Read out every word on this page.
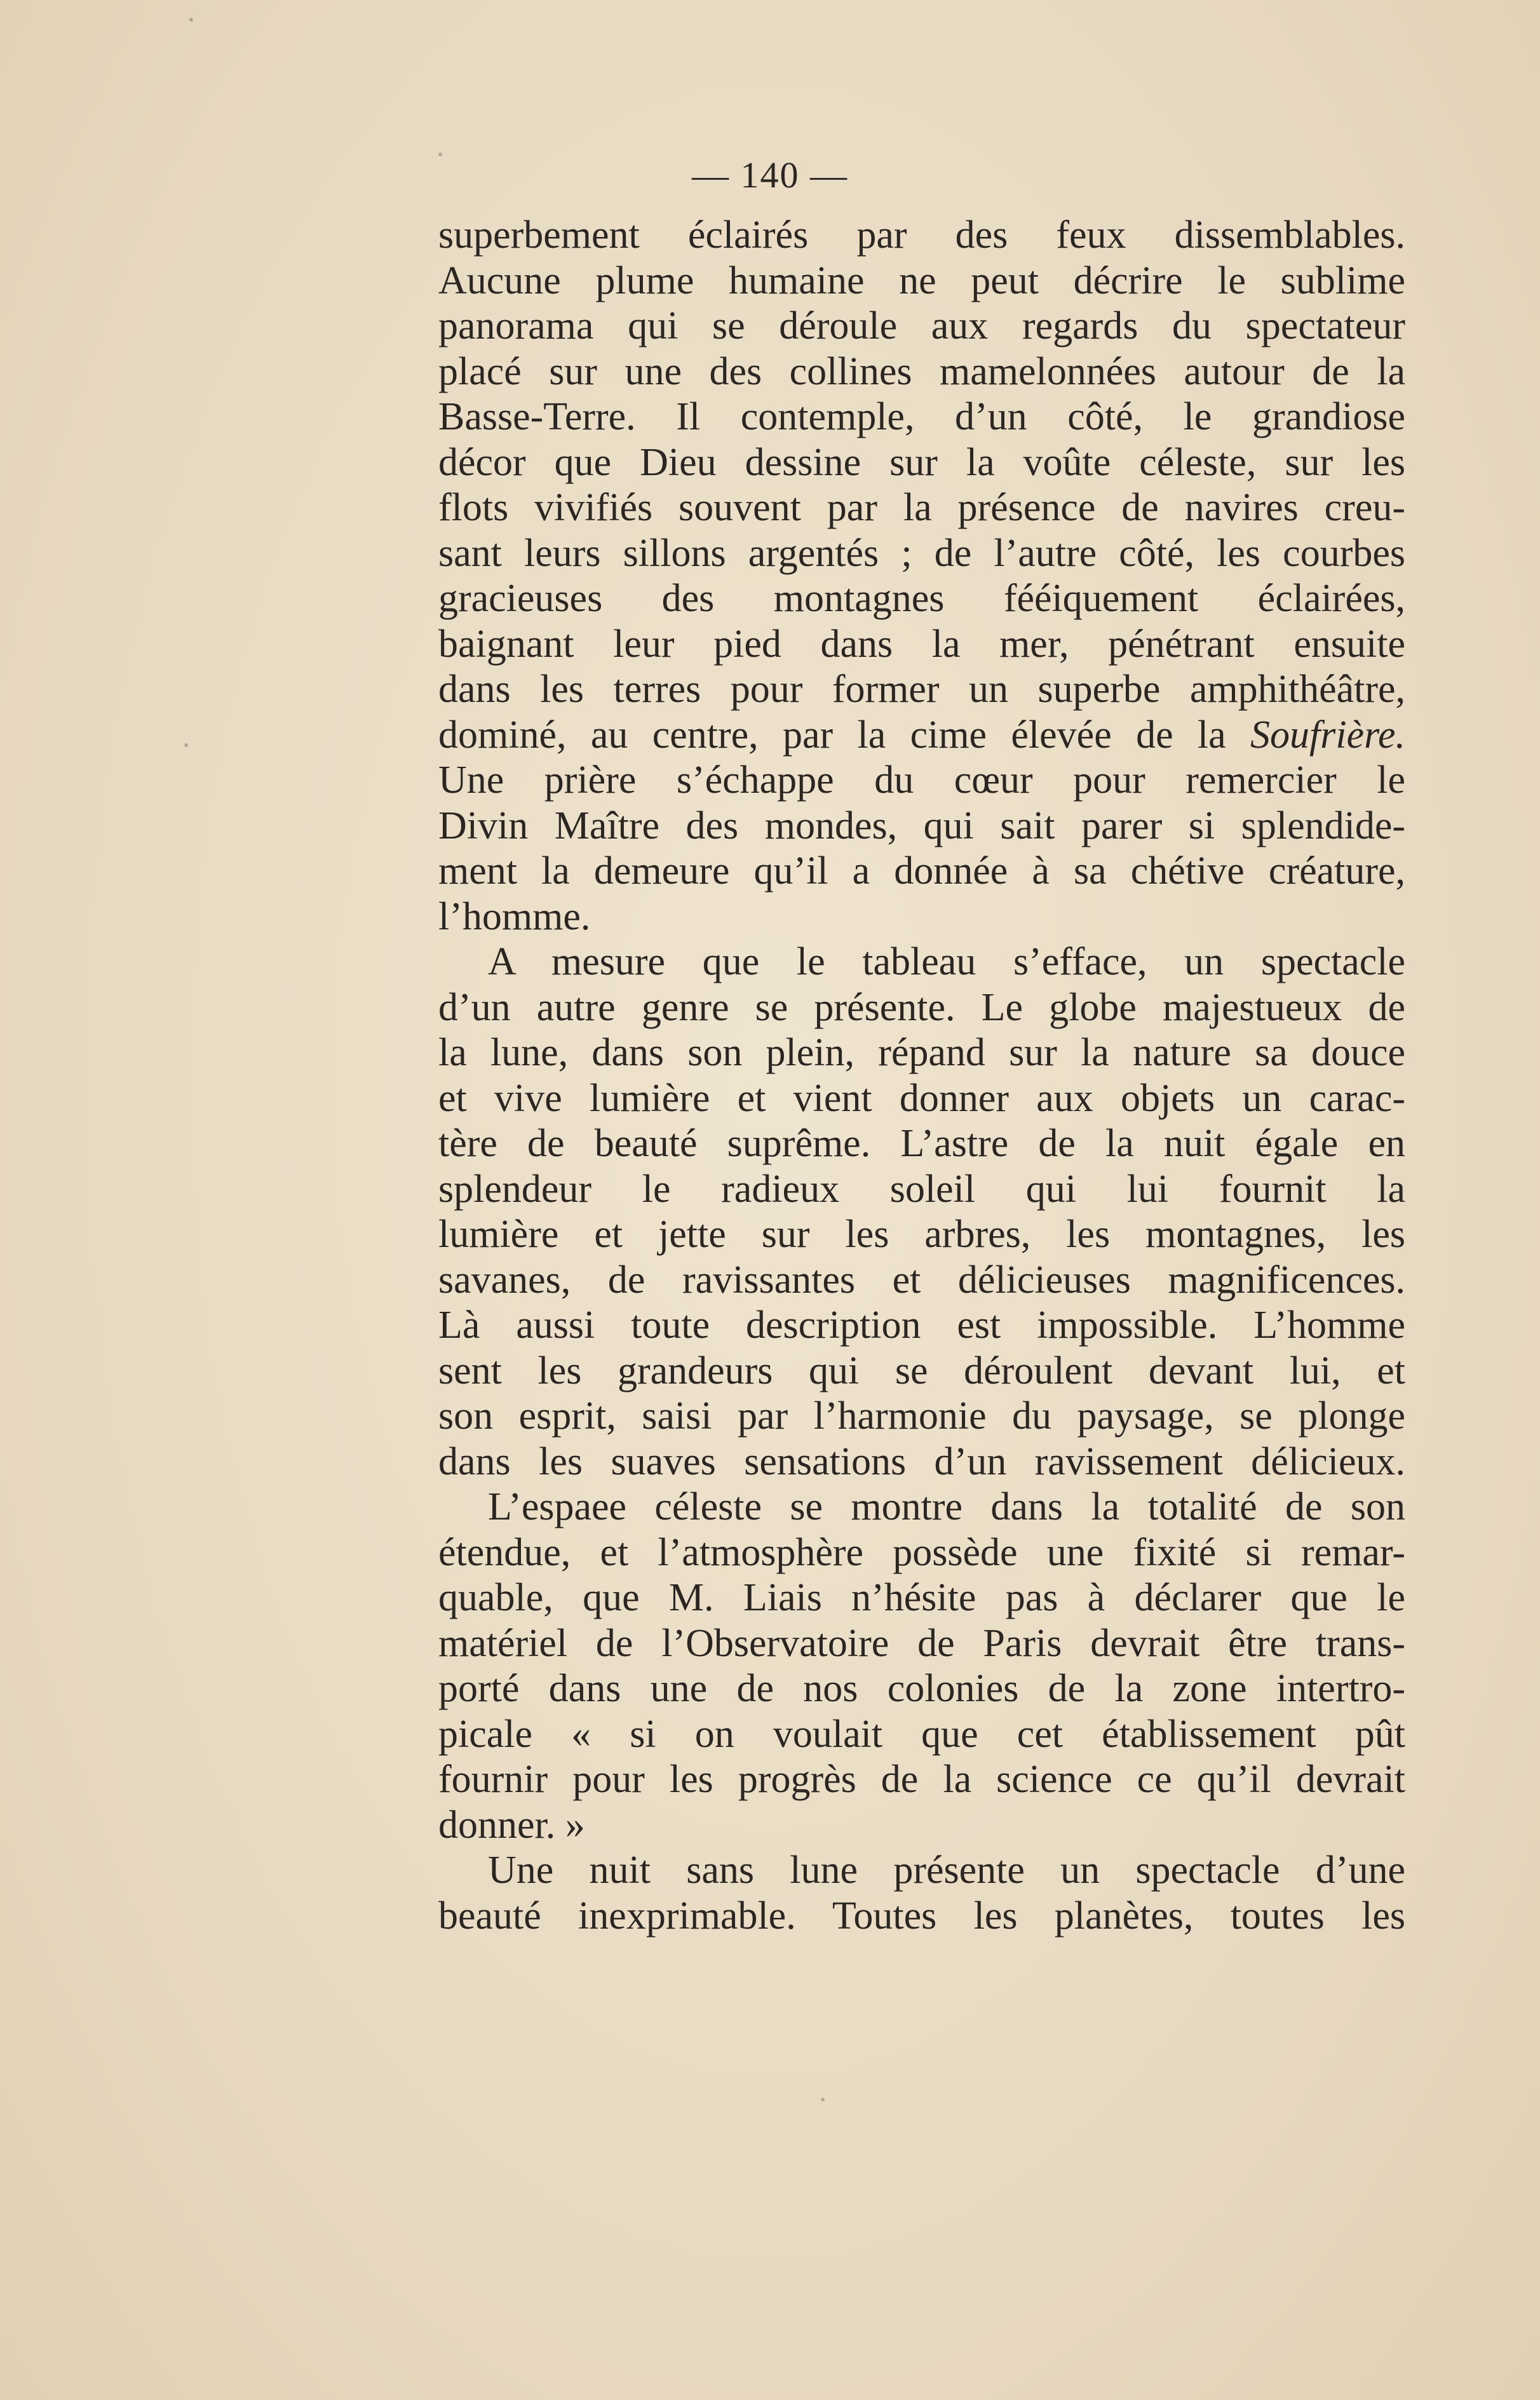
— 140 —
superbement éclairés par des feux dissemblables.
Aucune plume humaine ne peut décrire le sublime
panorama qui se déroule aux regards du spectateur
placé sur une des collines mamelonnées autour de la
Basse-Terre. Il contemple, d’un côté, le grandiose
décor que Dieu dessine sur la voûte céleste, sur les
flots vivifiés souvent par la présence de navires creu-
sant leurs sillons argentés ; de l’autre côté, les courbes
gracieuses des montagnes fééiquement éclairées,
baignant leur pied dans la mer, pénétrant ensuite
dans les terres pour former un superbe amphithéâtre,
dominé, au centre, par la cime élevée de la Soufrière.
Une prière s’échappe du cœur pour remercier le
Divin Maître des mondes, qui sait parer si splendide-
ment la demeure qu’il a donnée à sa chétive créature,
l’homme.
A mesure que le tableau s’efface, un spectacle
d’un autre genre se présente. Le globe majestueux de
la lune, dans son plein, répand sur la nature sa douce
et vive lumière et vient donner aux objets un carac-
tère de beauté suprême. L’astre de la nuit égale en
splendeur le radieux soleil qui lui fournit la
lumière et jette sur les arbres, les montagnes, les
savanes, de ravissantes et délicieuses magnificences.
Là aussi toute description est impossible. L’homme
sent les grandeurs qui se déroulent devant lui, et
son esprit, saisi par l’harmonie du paysage, se plonge
dans les suaves sensations d’un ravissement délicieux.
L’espaee céleste se montre dans la totalité de son
étendue, et l’atmosphère possède une fixité si remar-
quable, que M. Liais n’hésite pas à déclarer que le
matériel de l’Observatoire de Paris devrait être trans-
porté dans une de nos colonies de la zone intertro-
picale « si on voulait que cet établissement pût
fournir pour les progrès de la science ce qu’il devrait
donner. »
Une nuit sans lune présente un spectacle d’une
beauté inexprimable. Toutes les planètes, toutes les
